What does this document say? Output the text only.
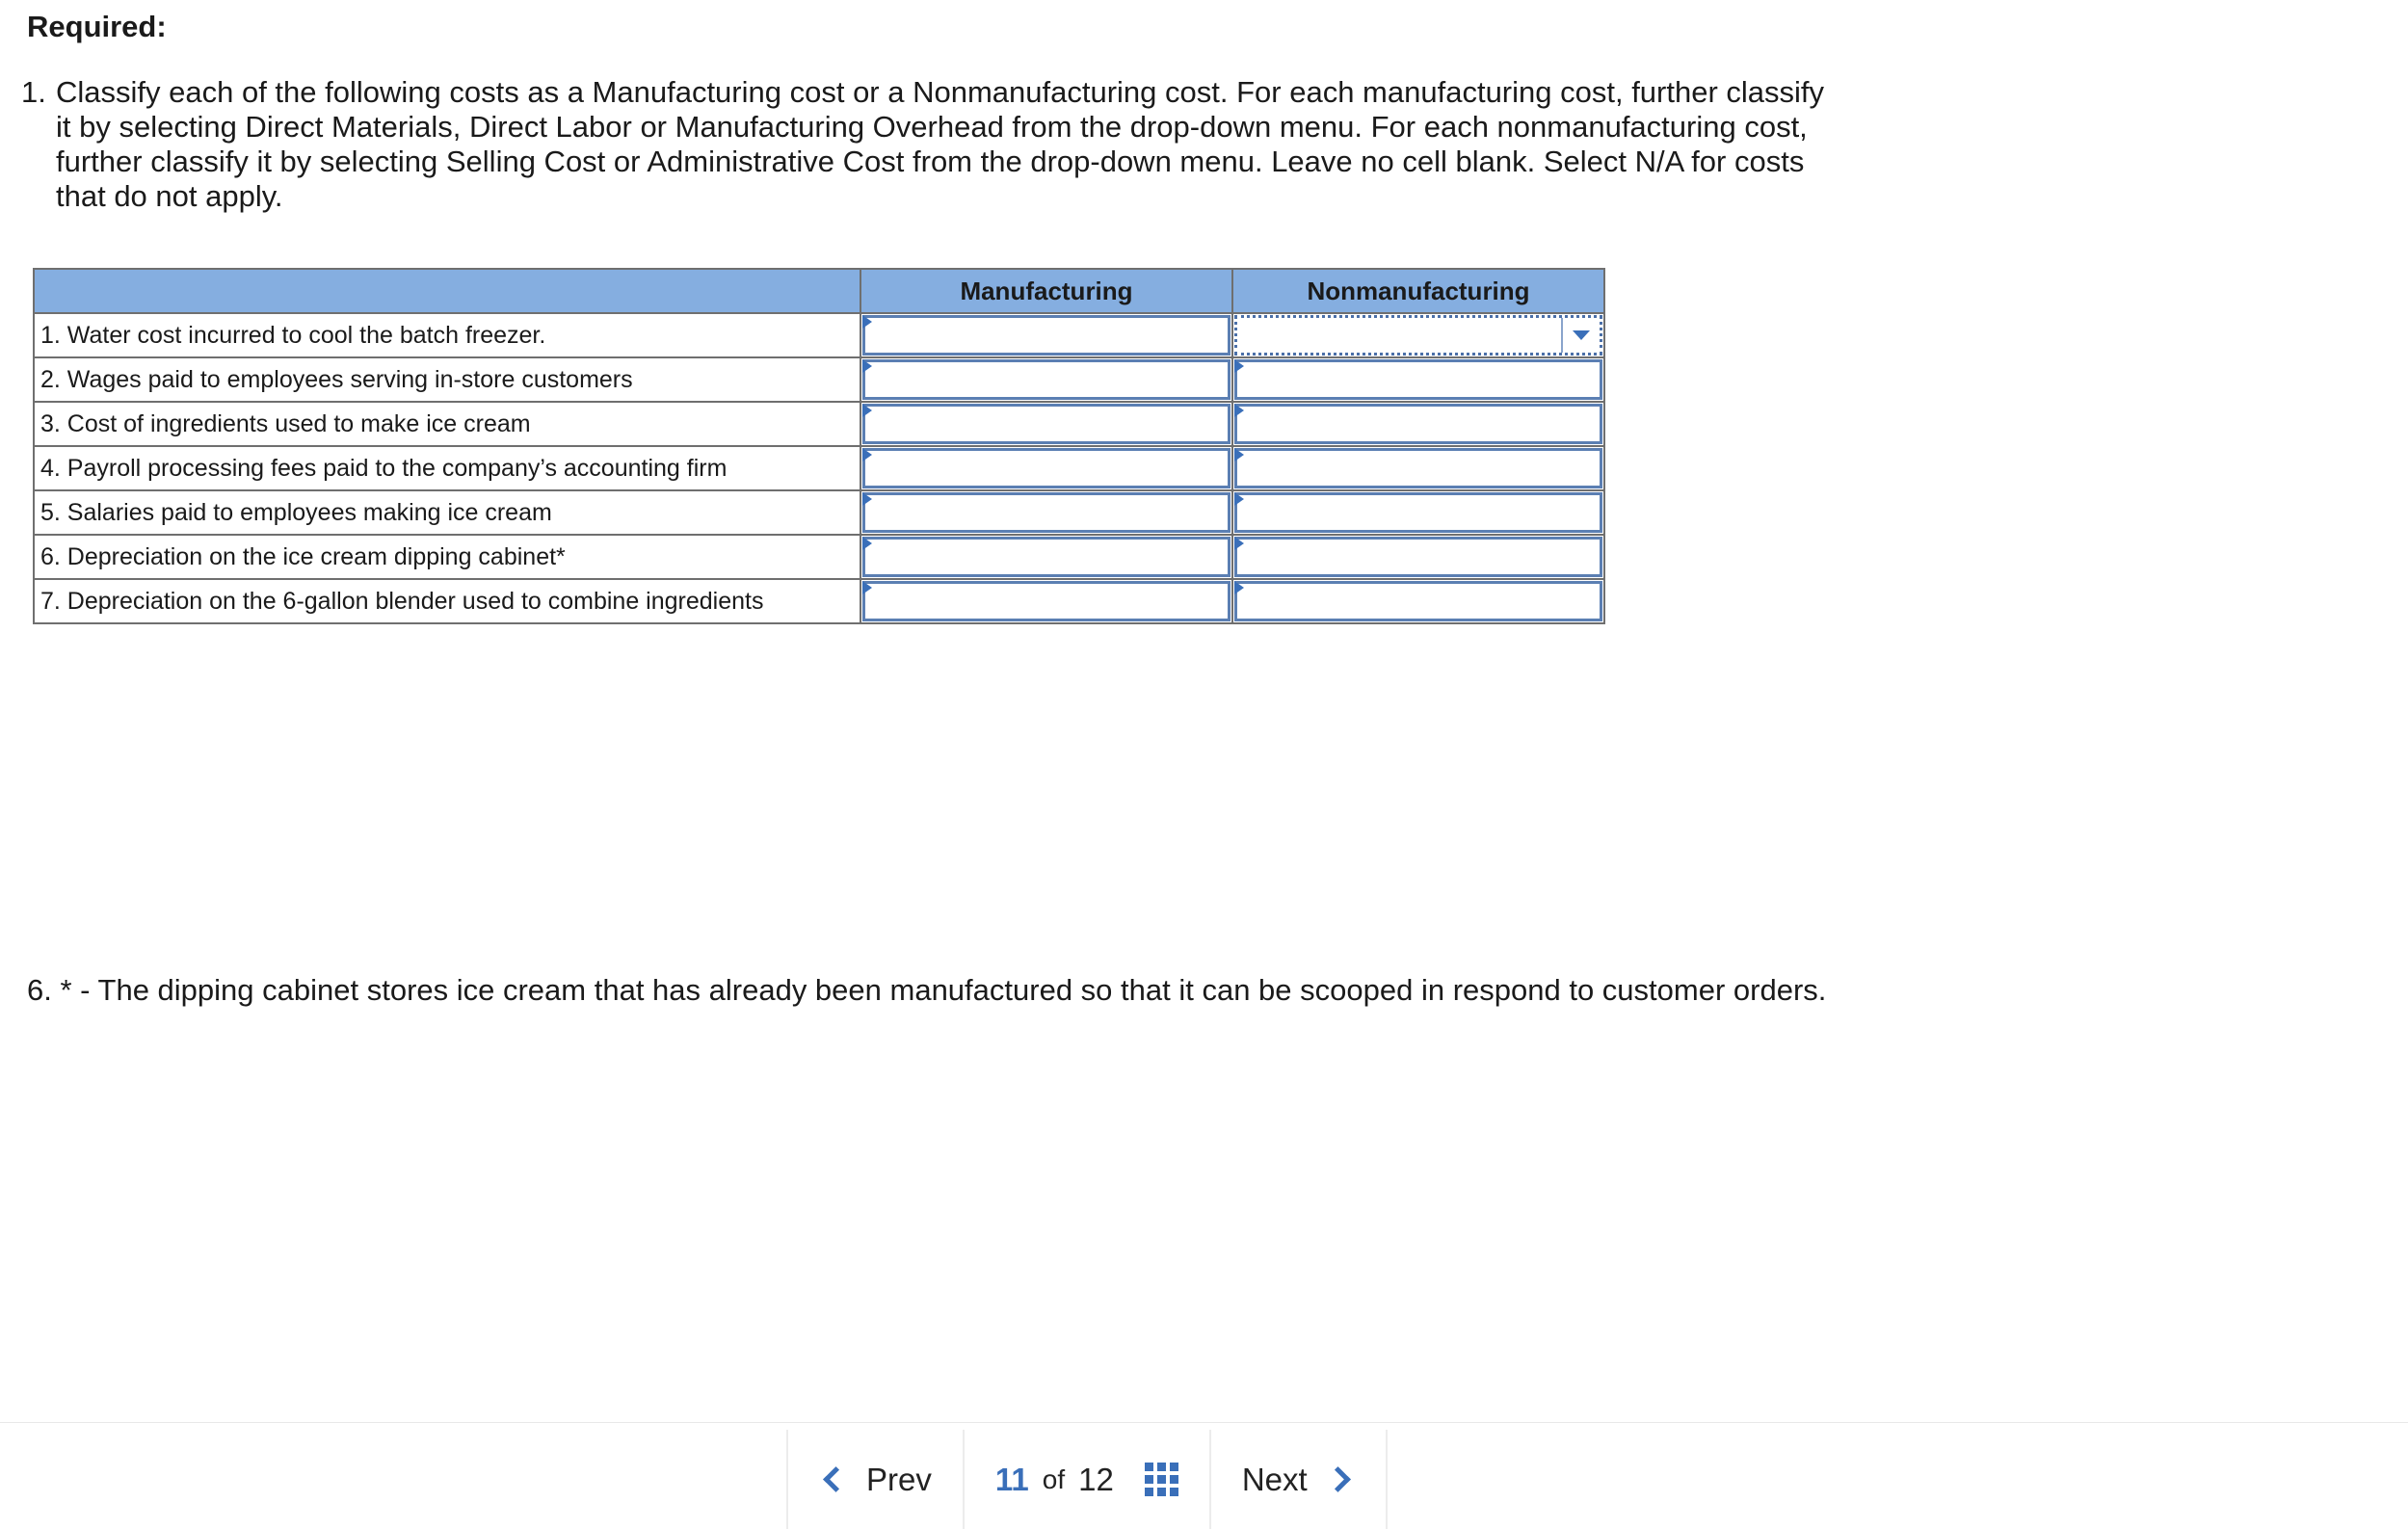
Required:
1. Classify each of the following costs as a Manufacturing cost or a Nonmanufacturing cost. For each manufacturing cost, further classify it by selecting Direct Materials, Direct Labor or Manufacturing Overhead from the drop-down menu. For each nonmanufacturing cost, further classify it by selecting Selling Cost or Administrative Cost from the drop-down menu. Leave no cell blank. Select N/A for costs that do not apply.
	Manufacturing	Nonmanufacturing
1. Water cost incurred to cool the batch freezer.	

2. Wages paid to employees serving in-store customers	

3. Cost of ingredients used to make ice cream	

4. Payroll processing fees paid to the company’s accounting firm	

5. Salaries paid to employees making ice cream	

6. Depreciation on the ice cream dipping cabinet*	

7. Depreciation on the 6-gallon blender used to combine ingredients	

6. * - The dipping cabinet stores ice cream that has already been manufactured so that it can be scooped in respond to customer orders.
Prev 11 of 12	Next
